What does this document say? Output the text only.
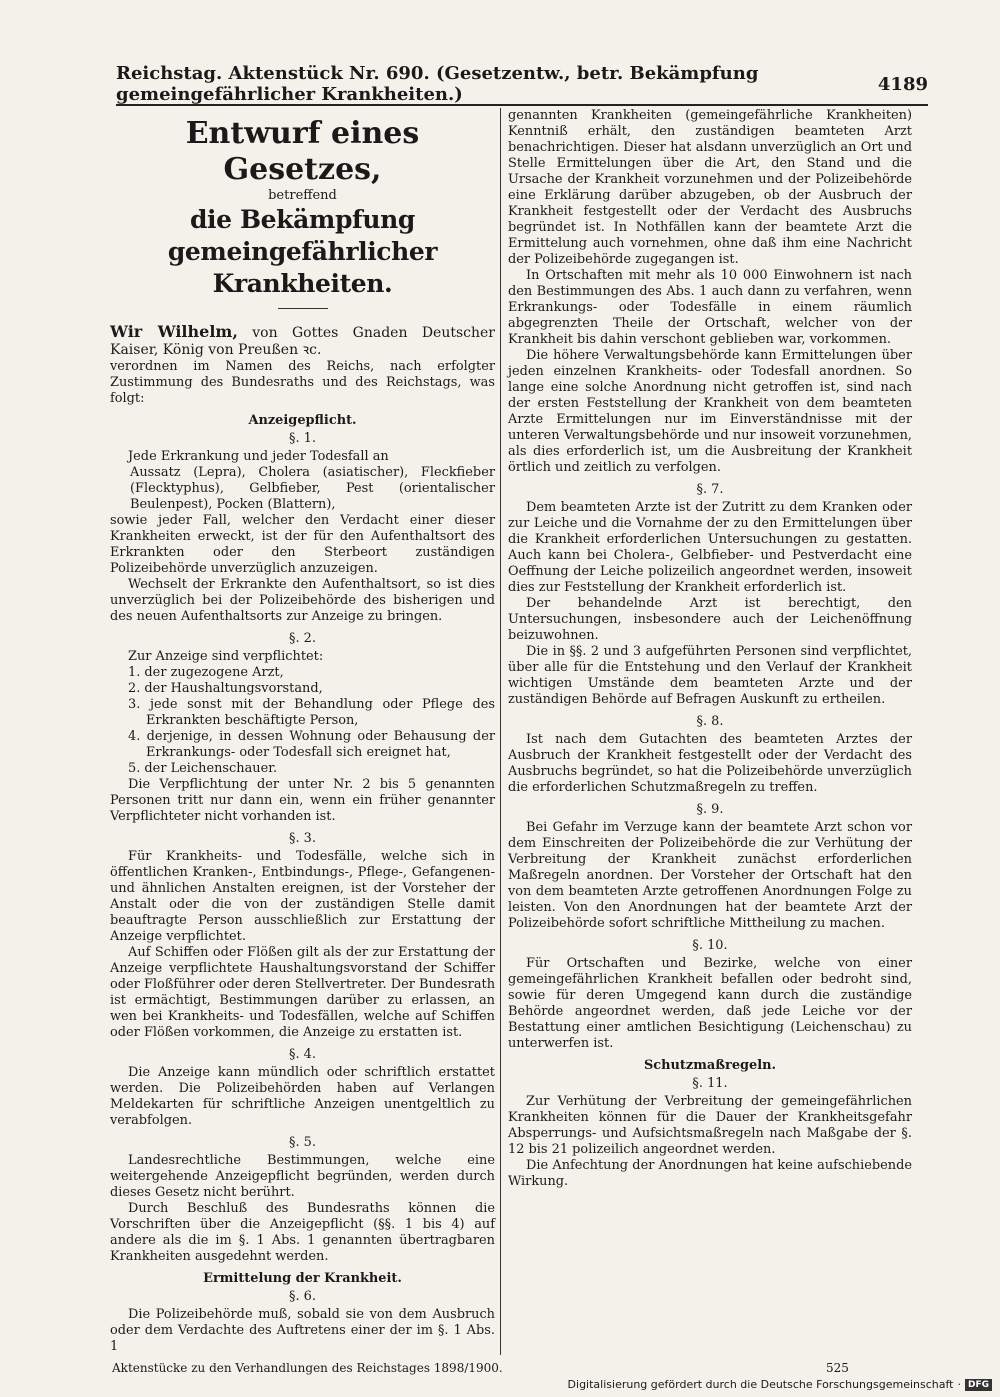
Reichstag. Aktenstück Nr. 690. (Gesetzentw., betr. Bekämpfung gemeingefährlicher Krankheiten.)	4189
Entwurf eines Gesetzes,
betreffend
die Bekämpfung gemeingefährlicher Krankheiten.

Wir Wilhelm, von Gottes Gnaden Deutscher Kaiser, König von Preußen ꝛc.

verordnen im Namen des Reichs, nach erfolgter Zustimmung des Bundesraths und des Reichstags, was folgt:

Anzeigepflicht.
§. 1.

Jede Erkrankung und jeder Todesfall an

Aussatz (Lepra), Cholera (asiatischer), Fleckfieber (Flecktyphus), Gelbfieber, Pest (orientalischer Beulenpest), Pocken (Blattern),

sowie jeder Fall, welcher den Verdacht einer dieser Krankheiten erweckt, ist der für den Aufenthaltsort des Erkrankten oder den Sterbeort zuständigen Polizeibehörde unverzüglich anzuzeigen.

Wechselt der Erkrankte den Aufenthaltsort, so ist dies unverzüglich bei der Polizeibehörde des bisherigen und des neuen Aufenthaltsorts zur Anzeige zu bringen.

§. 2.

Zur Anzeige sind verpflichtet:

1. der zugezogene Arzt,
2. der Haushaltungsvorstand,
3. jede sonst mit der Behandlung oder Pflege des Erkrankten beschäftigte Person,
4. derjenige, in dessen Wohnung oder Behausung der Erkrankungs- oder Todesfall sich ereignet hat,
5. der Leichenschauer.

Die Verpflichtung der unter Nr. 2 bis 5 genannten Personen tritt nur dann ein, wenn ein früher genannter Verpflichteter nicht vorhanden ist.

§. 3.

Für Krankheits- und Todesfälle, welche sich in öffentlichen Kranken-, Entbindungs-, Pflege-, Gefangenen- und ähnlichen Anstalten ereignen, ist der Vorsteher der Anstalt oder die von der zuständigen Stelle damit beauftragte Person ausschließlich zur Erstattung der Anzeige verpflichtet.

Auf Schiffen oder Flößen gilt als der zur Erstattung der Anzeige verpflichtete Haushaltungsvorstand der Schiffer oder Floßführer oder deren Stellvertreter. Der Bundesrath ist ermächtigt, Bestimmungen darüber zu erlassen, an wen bei Krankheits- und Todesfällen, welche auf Schiffen oder Flößen vorkommen, die Anzeige zu erstatten ist.

§. 4.

Die Anzeige kann mündlich oder schriftlich erstattet werden. Die Polizeibehörden haben auf Verlangen Meldekarten für schriftliche Anzeigen unentgeltlich zu verabfolgen.

§. 5.

Landesrechtliche Bestimmungen, welche eine weitergehende Anzeigepflicht begründen, werden durch dieses Gesetz nicht berührt.

Durch Beschluß des Bundesraths können die Vorschriften über die Anzeigepflicht (§§. 1 bis 4) auf andere als die im §. 1 Abs. 1 genannten übertragbaren Krankheiten ausgedehnt werden.

Ermittelung der Krankheit.
§. 6.

Die Polizeibehörde muß, sobald sie von dem Ausbruch oder dem Verdachte des Auftretens einer der im §. 1 Abs. 1

genannten Krankheiten (gemeingefährliche Krankheiten) Kenntniß erhält, den zuständigen beamteten Arzt benachrichtigen. Dieser hat alsdann unverzüglich an Ort und Stelle Ermittelungen über die Art, den Stand und die Ursache der Krankheit vorzunehmen und der Polizeibehörde eine Erklärung darüber abzugeben, ob der Ausbruch der Krankheit festgestellt oder der Verdacht des Ausbruchs begründet ist. In Nothfällen kann der beamtete Arzt die Ermittelung auch vornehmen, ohne daß ihm eine Nachricht der Polizeibehörde zugegangen ist.

In Ortschaften mit mehr als 10 000 Einwohnern ist nach den Bestimmungen des Abs. 1 auch dann zu verfahren, wenn Erkrankungs- oder Todesfälle in einem räumlich abgegrenzten Theile der Ortschaft, welcher von der Krankheit bis dahin verschont geblieben war, vorkommen.

Die höhere Verwaltungsbehörde kann Ermittelungen über jeden einzelnen Krankheits- oder Todesfall anordnen. So lange eine solche Anordnung nicht getroffen ist, sind nach der ersten Feststellung der Krankheit von dem beamteten Arzte Ermittelungen nur im Einverständnisse mit der unteren Verwaltungsbehörde und nur insoweit vorzunehmen, als dies erforderlich ist, um die Ausbreitung der Krankheit örtlich und zeitlich zu verfolgen.

§. 7.

Dem beamteten Arzte ist der Zutritt zu dem Kranken oder zur Leiche und die Vornahme der zu den Ermittelungen über die Krankheit erforderlichen Untersuchungen zu gestatten. Auch kann bei Cholera-, Gelbfieber- und Pestverdacht eine Oeffnung der Leiche polizeilich angeordnet werden, insoweit dies zur Feststellung der Krankheit erforderlich ist.

Der behandelnde Arzt ist berechtigt, den Untersuchungen, insbesondere auch der Leichenöffnung beizuwohnen.

Die in §§. 2 und 3 aufgeführten Personen sind verpflichtet, über alle für die Entstehung und den Verlauf der Krankheit wichtigen Umstände dem beamteten Arzte und der zuständigen Behörde auf Befragen Auskunft zu ertheilen.

§. 8.

Ist nach dem Gutachten des beamteten Arztes der Ausbruch der Krankheit festgestellt oder der Verdacht des Ausbruchs begründet, so hat die Polizeibehörde unverzüglich die erforderlichen Schutzmaßregeln zu treffen.

§. 9.

Bei Gefahr im Verzuge kann der beamtete Arzt schon vor dem Einschreiten der Polizeibehörde die zur Verhütung der Verbreitung der Krankheit zunächst erforderlichen Maßregeln anordnen. Der Vorsteher der Ortschaft hat den von dem beamteten Arzte getroffenen Anordnungen Folge zu leisten. Von den Anordnungen hat der beamtete Arzt der Polizeibehörde sofort schriftliche Mittheilung zu machen.

§. 10.

Für Ortschaften und Bezirke, welche von einer gemeingefährlichen Krankheit befallen oder bedroht sind, sowie für deren Umgegend kann durch die zuständige Behörde angeordnet werden, daß jede Leiche vor der Bestattung einer amtlichen Besichtigung (Leichenschau) zu unterwerfen ist.

Schutzmaßregeln.
§. 11.

Zur Verhütung der Verbreitung der gemeingefährlichen Krankheiten können für die Dauer der Krankheitsgefahr Absperrungs- und Aufsichtsmaßregeln nach Maßgabe der §. 12 bis 21 polizeilich angeordnet werden.

Die Anfechtung der Anordnungen hat keine aufschiebende Wirkung.

Aktenstücke zu den Verhandlungen des Reichstages 1898/1900.	525
Digitalisierung gefördert durch die Deutsche Forschungsgemeinschaft · DFG
